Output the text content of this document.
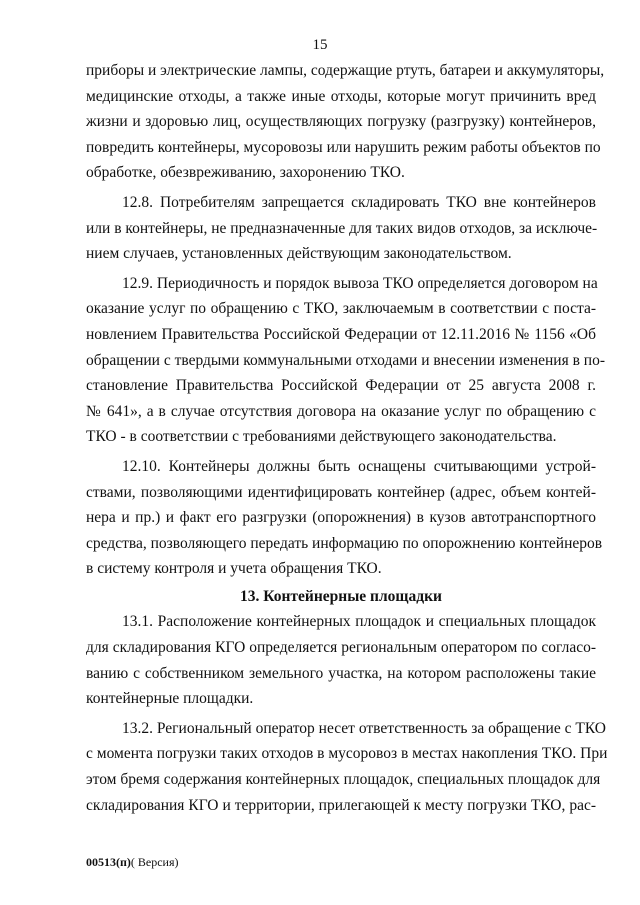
15
приборы и электрические лампы, содержащие ртуть, батареи и аккумуляторы,
медицинские отходы, а также иные отходы, которые могут причинить вред
жизни и здоровью лиц, осуществляющих погрузку (разгрузку) контейнеров,
повредить контейнеры, мусоровозы или нарушить режим работы объектов по
обработке, обезвреживанию, захоронению ТКО.
12.8. Потребителям запрещается складировать ТКО вне контейнеров
или в контейнеры, не предназначенные для таких видов отходов, за исключе-
нием случаев, установленных действующим законодательством.
12.9. Периодичность и порядок вывоза ТКО определяется договором на
оказание услуг по обращению с ТКО, заключаемым в соответствии с поста-
новлением Правительства Российской Федерации от 12.11.2016 № 1156 «Об
обращении с твердыми коммунальными отходами и внесении изменения в по-
становление Правительства Российской Федерации от 25 августа 2008 г.
№ 641», а в случае отсутствия договора на оказание услуг по обращению с
ТКО - в соответствии с требованиями действующего законодательства.
12.10. Контейнеры должны быть оснащены считывающими устрой-
ствами, позволяющими идентифицировать контейнер (адрес, объем контей-
нера и пр.) и факт его разгрузки (опорожнения) в кузов автотранспортного
средства, позволяющего передать информацию по опорожнению контейнеров
в систему контроля и учета обращения ТКО.
13. Контейнерные площадки
13.1. Расположение контейнерных площадок и специальных площадок
для складирования КГО определяется региональным оператором по согласо-
ванию с собственником земельного участка, на котором расположены такие
контейнерные площадки.
13.2. Региональный оператор несет ответственность за обращение с ТКО
с момента погрузки таких отходов в мусоровоз в местах накопления ТКО. При
этом бремя содержания контейнерных площадок, специальных площадок для
складирования КГО и территории, прилегающей к месту погрузки ТКО, рас-
00513(п)( Версия)
